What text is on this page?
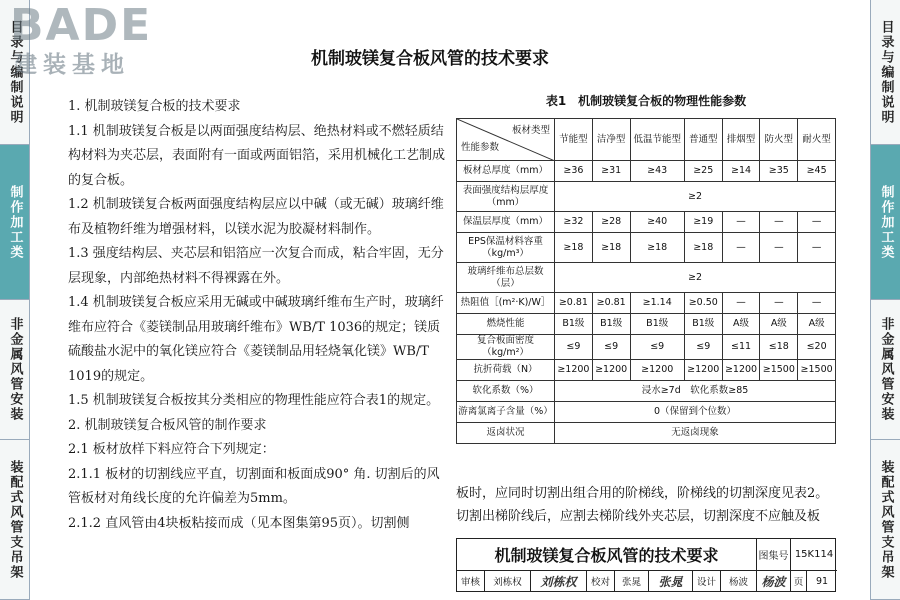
目录与编制说明
制作加工类
非金属风管安装
装配式风管支吊架
目录与编制说明
制作加工类
非金属风管安装
装配式风管支吊架
BADE
建装基地	机制玻镁复合板风管的技术要求

1. 机制玻镁复合板的技术要求

1.1 机制玻镁复合板是以两面强度结构层、绝热材料或不燃轻质结构材料为夹芯层，表面附有一面或两面铝箔，采用机械化工艺制成的复合板。

1.2 机制玻镁复合板两面强度结构层应以中碱（或无碱）玻璃纤维布及植物纤维为增强材料，以镁水泥为胶凝材料制作。

1.3 强度结构层、夹芯层和铝箔应一次复合而成，粘合牢固，无分层现象，内部绝热材料不得裸露在外。

1.4 机制玻镁复合板应采用无碱或中碱玻璃纤维布生产时，玻璃纤维布应符合《菱镁制品用玻璃纤维布》WB/T 1036的规定；镁质硫酸盐水泥中的氧化镁应符合《菱镁制品用轻烧氧化镁》WB/T 1019的规定。

1.5 机制玻镁复合板按其分类相应的物理性能应符合表1的规定。

2. 机制玻镁复合板风管的制作要求

2.1 板材放样下料应符合下列规定：

2.1.1 板材的切割线应平直，切割面和板面成90° 角. 切割后的风管板材对角线长度的允许偏差为5mm。

2.1.2 直风管由4块板粘接而成（见本图集第95页）。切割侧

表1　机制玻镁复合板的物理性能参数
板材类型
性能参数	节能型	洁净型	低温节能型	普通型	排烟型	防火型	耐火型
板材总厚度（mm）	≥36	≥31	≥43	≥25	≥14	≥35	≥45
表面强度结构层厚度（mm）	≥2						
保温层厚度（mm）	≥32	≥28	≥40	≥19	—	—	—
EPS保温材料容重（kg/m³）	≥18	≥18	≥18	≥18	—	—	—
玻璃纤维布总层数（层）	≥2						
热阻值［(m²·K)/W］	≥0.81	≥0.81	≥1.14	≥0.50	—	—	—
燃烧性能	B1级	B1级	B1级	B1级	A级	A级	A级
复合板面密度（kg/m²）	≤9	≤9	≤9	≤9	≤11	≤18	≤20
抗折荷载（N）	≥1200	≥1200	≥1200	≥1200	≥1200	≥1500	≥1500
软化系数（%）	浸水≥7d　软化系数≥85						
游离氯离子含量（%）	0（保留到个位数）						
返卤状况	无返卤现象						
板时，应同时切割出组合用的阶梯线，阶梯线的切割深度见表2。切割出梯阶线后，应割去梯阶线外夹芯层，切割深度不应触及板
机制玻镁复合板风管的技术要求	图集号 15K114
审核	刘栋权	刘栋权	校对	张晁	张晁	设计	杨波	杨波 页	91
